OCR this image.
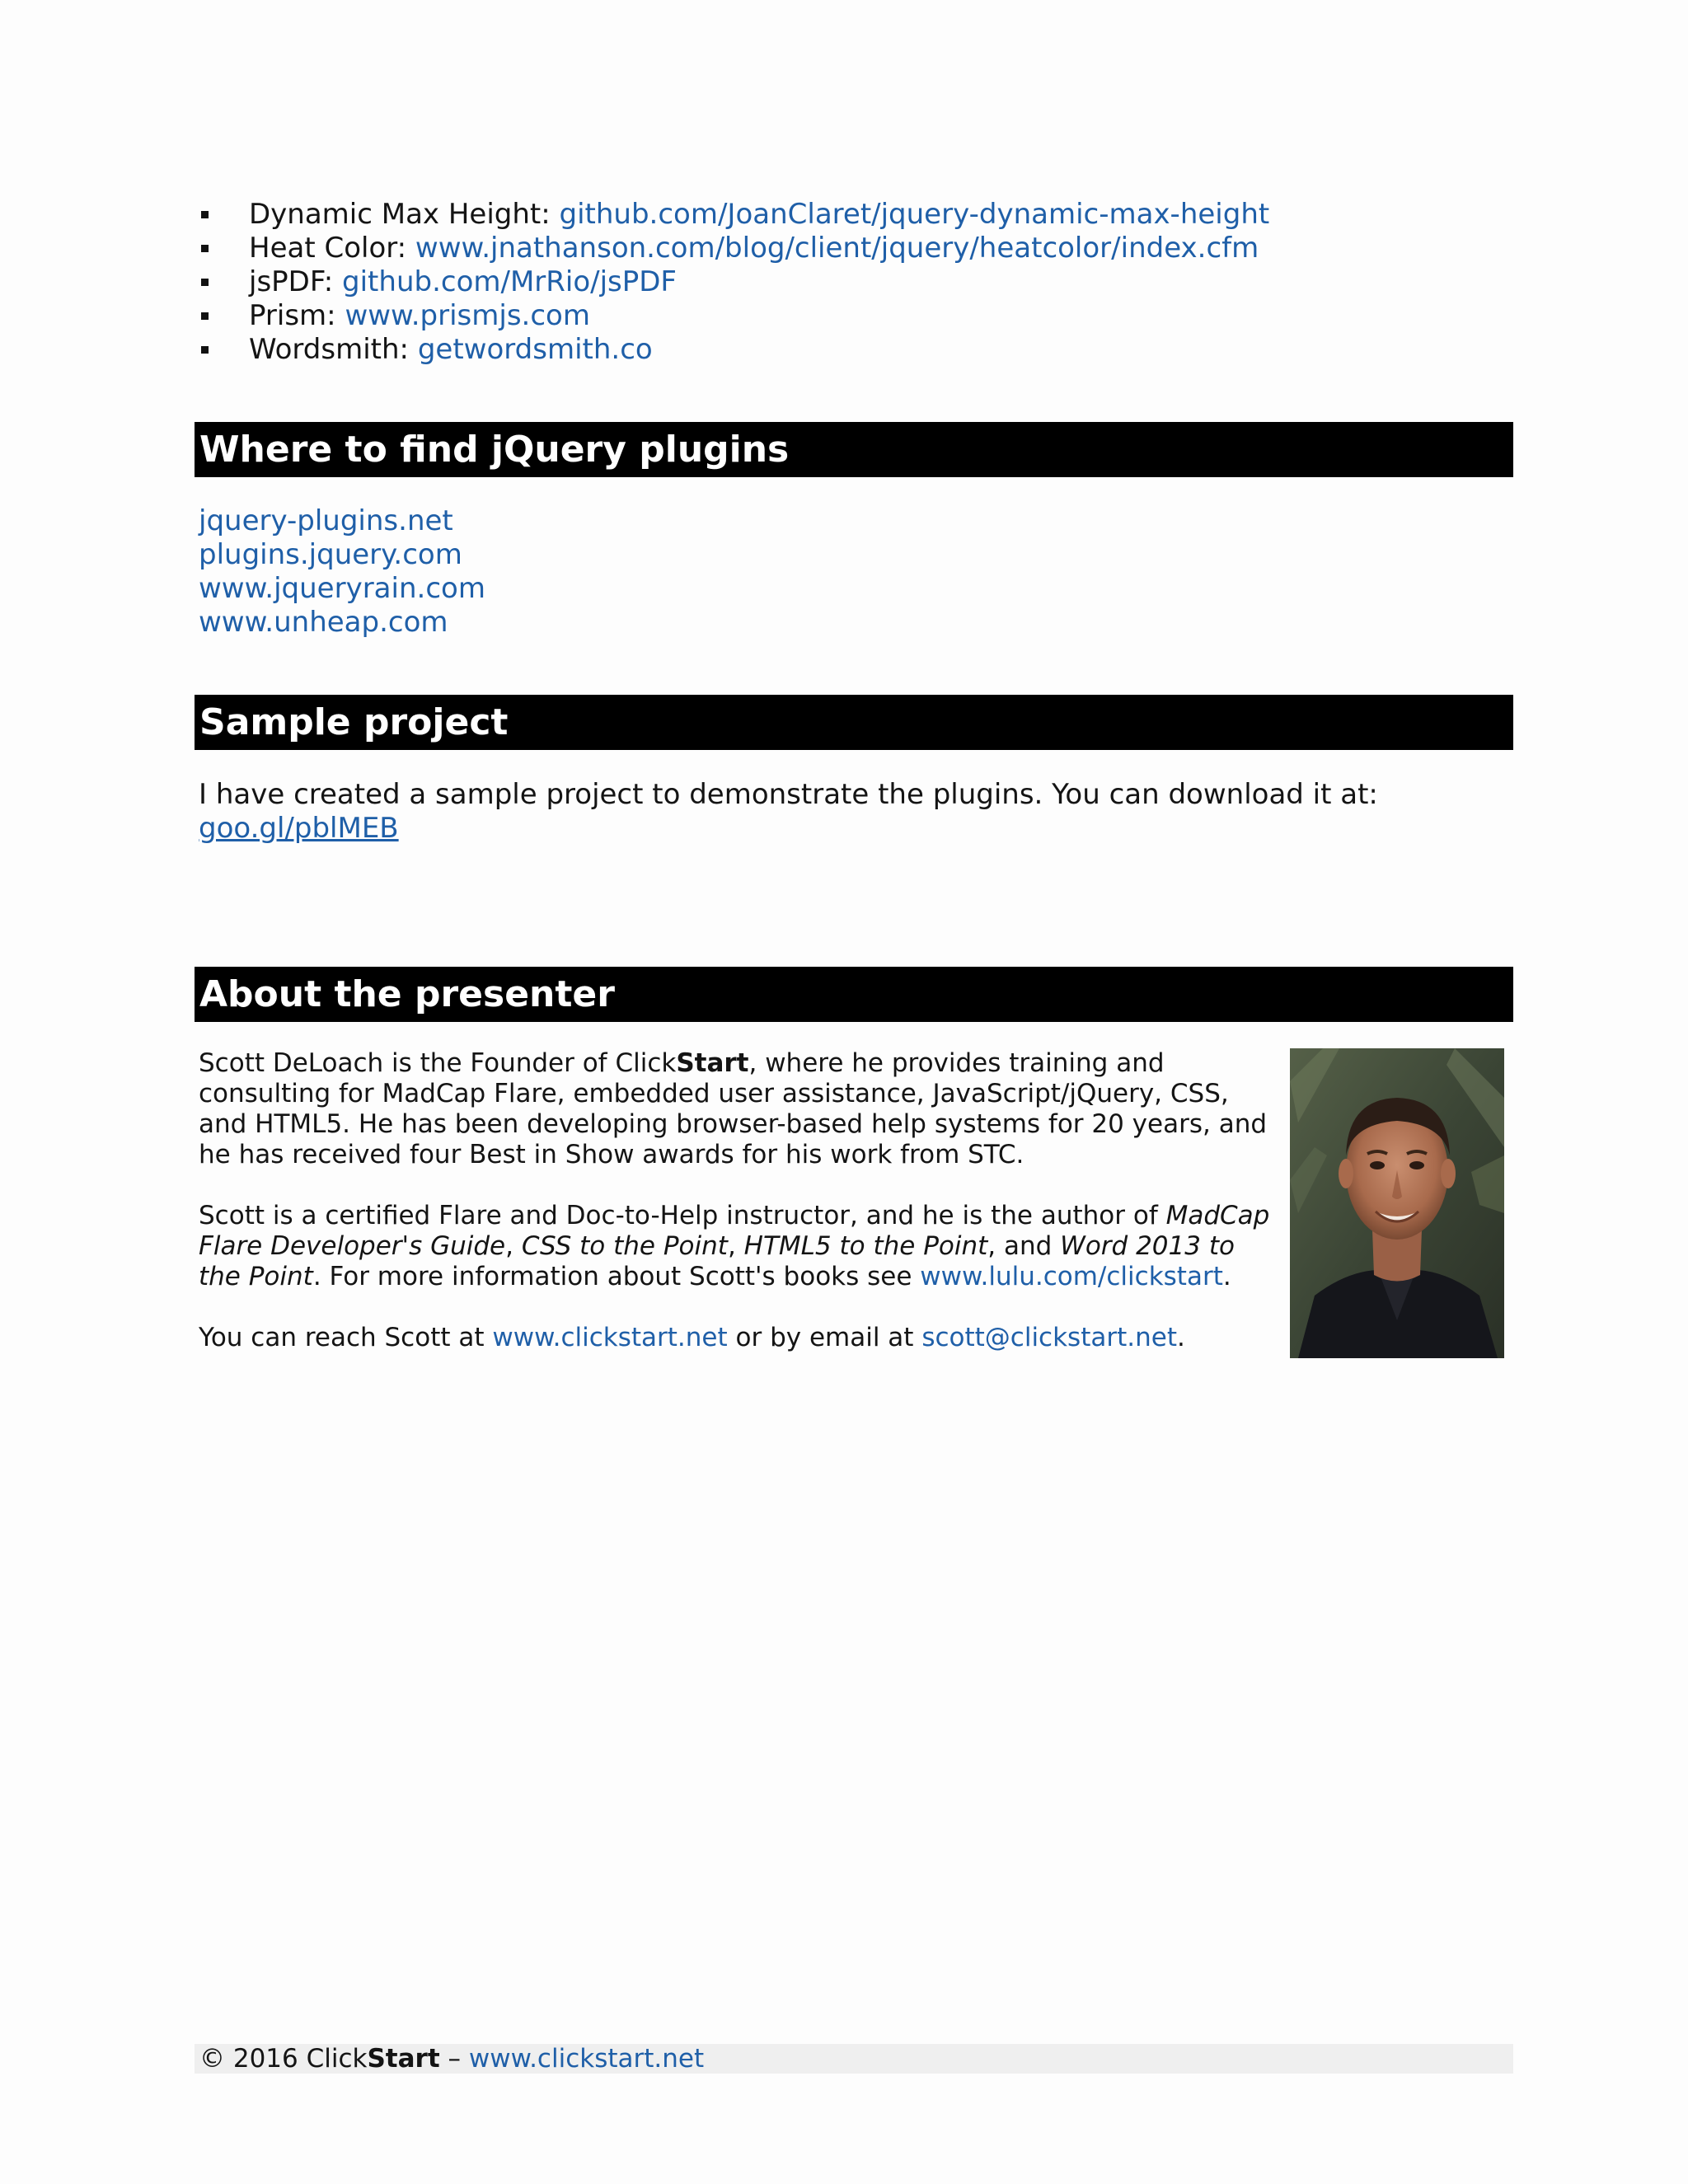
Dynamic Max Height: github.com/JoanClaret/jquery-dynamic-max-height
Heat Color: www.jnathanson.com/blog/client/jquery/heatcolor/index.cfm
jsPDF: github.com/MrRio/jsPDF
Prism: www.prismjs.com
Wordsmith: getwordsmith.co
Where to find jQuery plugins
jquery-plugins.net
plugins.jquery.com
www.jqueryrain.com
www.unheap.com
Sample project
I have created a sample project to demonstrate the plugins. You can download it at:
goo.gl/pblMEB
About the presenter

Scott DeLoach is the Founder of ClickStart, where he provides training and consulting for MadCap Flare, embedded user assistance, JavaScript/jQuery, CSS, and HTML5. He has been developing browser-based help systems for 20 years, and he has received four Best in Show awards for his work from STC.

Scott is a certified Flare and Doc-to-Help instructor, and he is the author of MadCap Flare Developer's Guide, CSS to the Point, HTML5 to the Point, and Word 2013 to the Point. For more information about Scott's books see www.lulu.com/clickstart.

You can reach Scott at www.clickstart.net or by email at scott@clickstart.net.

© 2016 ClickStart – www.clickstart.net
